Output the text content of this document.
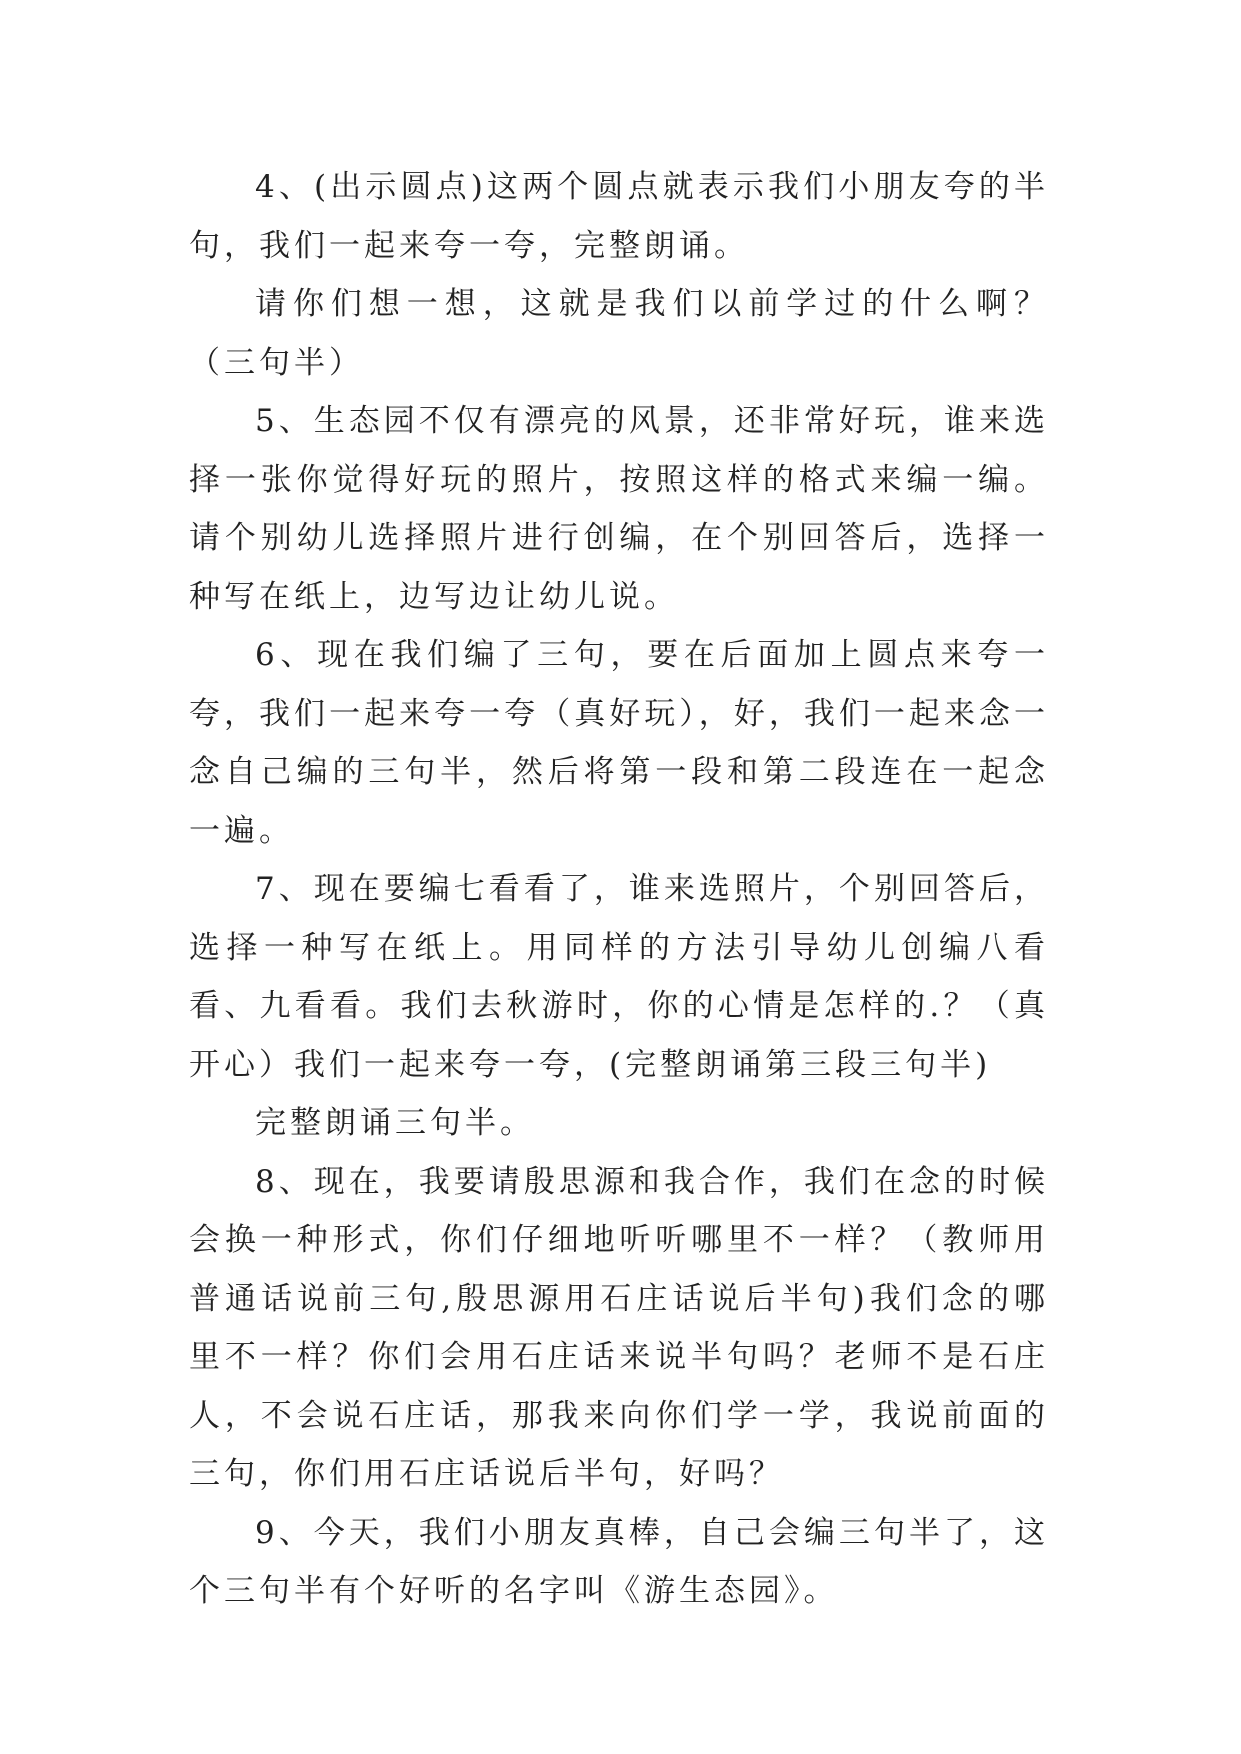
4、(出示圆点)这两个圆点就表示我们小朋友夸的半句，我们一起来夸一夸，完整朗诵。

请你们想一想，这就是我们以前学过的什么啊？（三句半）

5、生态园不仅有漂亮的风景，还非常好玩，谁来选择一张你觉得好玩的照片，按照这样的格式来编一编。请个别幼儿选择照片进行创编，在个别回答后，选择一种写在纸上，边写边让幼儿说。

6、现在我们编了三句，要在后面加上圆点来夸一夸，我们一起来夸一夸（真好玩），好，我们一起来念一念自己编的三句半，然后将第一段和第二段连在一起念一遍。

7、现在要编七看看了，谁来选照片，个别回答后，选择一种写在纸上。用同样的方法引导幼儿创编八看看、九看看。我们去秋游时，你的心情是怎样的.？（真开心）我们一起来夸一夸，(完整朗诵第三段三句半)

完整朗诵三句半。

8、现在，我要请殷思源和我合作，我们在念的时候会换一种形式，你们仔细地听听哪里不一样？（教师用普通话说前三句,殷思源用石庄话说后半句)我们念的哪里不一样？你们会用石庄话来说半句吗？老师不是石庄人，不会说石庄话，那我来向你们学一学，我说前面的三句，你们用石庄话说后半句，好吗？

9、今天，我们小朋友真棒，自己会编三句半了，这个三句半有个好听的名字叫《游生态园》。
